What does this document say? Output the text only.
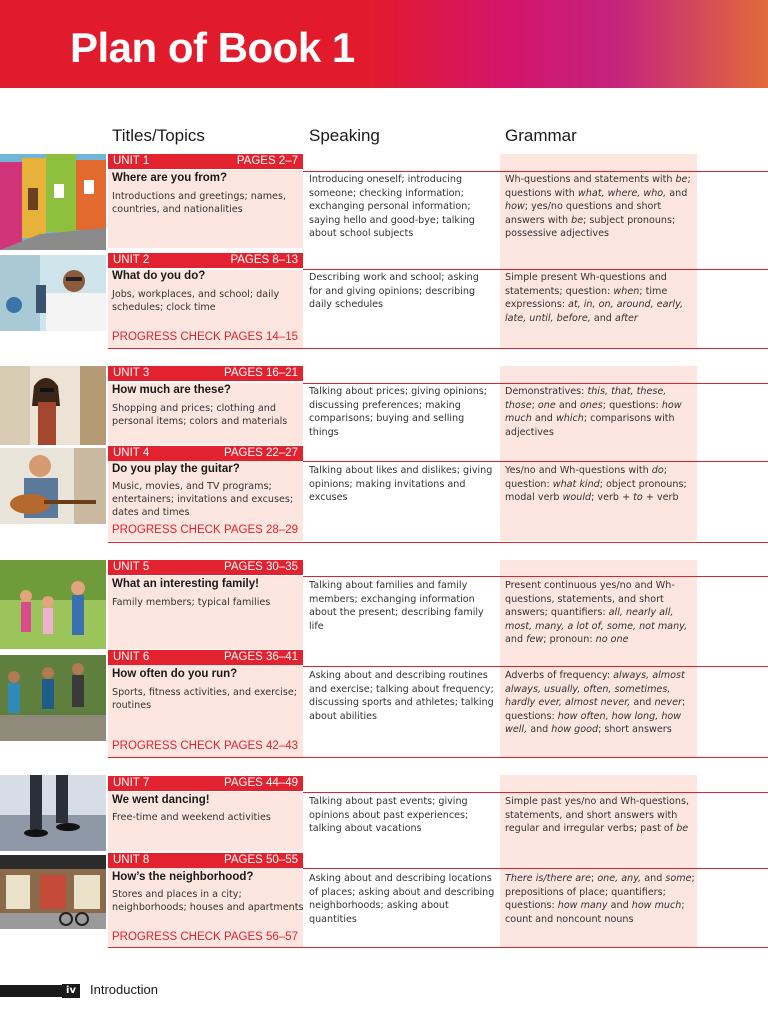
Plan of Book 1
Titles/Topics	Speaking	Grammar
UNIT 1	PAGES 2–7
Where are you from?
Introductions and greetings; names, countries, and nationalities
Introducing oneself; introducing someone; checking information; exchanging personal information; saying hello and good-bye; talking about school subjects
Wh-questions and statements with be; questions with what, where, who, and how; yes/no questions and short answers with be; subject pronouns; possessive adjectives
UNIT 2	PAGES 8–13
What do you do?
Jobs, workplaces, and school; daily schedules; clock time
Describing work and school; asking for and giving opinions; describing daily schedules
Simple present Wh-questions and statements; question: when; time expressions: at, in, on, around, early, late, until, before, and after
PROGRESS CHECK PAGES 14–15
UNIT 3	PAGES 16–21
How much are these?
Shopping and prices; clothing and personal items; colors and materials
Talking about prices; giving opinions; discussing preferences; making comparisons; buying and selling things
Demonstratives: this, that, these, those; one and ones; questions: how much and which; comparisons with adjectives
UNIT 4	PAGES 22–27
Do you play the guitar?
Music, movies, and TV programs; entertainers; invitations and excuses; dates and times
Talking about likes and dislikes; giving opinions; making invitations and excuses
Yes/no and Wh-questions with do; question: what kind; object pronouns; modal verb would; verb + to + verb
PROGRESS CHECK PAGES 28–29
UNIT 5	PAGES 30–35
What an interesting family!
Family members; typical families
Talking about families and family members; exchanging information about the present; describing family life
Present continuous yes/no and Wh-questions, statements, and short answers; quantifiers: all, nearly all, most, many, a lot of, some, not many, and few; pronoun: no one
UNIT 6	PAGES 36–41
How often do you run?
Sports, fitness activities, and exercise; routines
Asking about and describing routines and exercise; talking about frequency; discussing sports and athletes; talking about abilities
Adverbs of frequency: always, almost always, usually, often, sometimes, hardly ever, almost never, and never; questions: how often, how long, how well, and how good; short answers
PROGRESS CHECK PAGES 42–43
UNIT 7	PAGES 44–49
We went dancing!
Free-time and weekend activities
Talking about past events; giving opinions about past experiences; talking about vacations
Simple past yes/no and Wh-questions, statements, and short answers with regular and irregular verbs; past of be
UNIT 8	PAGES 50–55
How’s the neighborhood?
Stores and places in a city; neighborhoods; houses and apartments
Asking about and describing locations of places; asking about and describing neighborhoods; asking about quantities
There is/there are; one, any, and some; prepositions of place; quantifiers; questions: how many and how much; count and noncount nouns
PROGRESS CHECK PAGES 56–57
iv	Introduction
